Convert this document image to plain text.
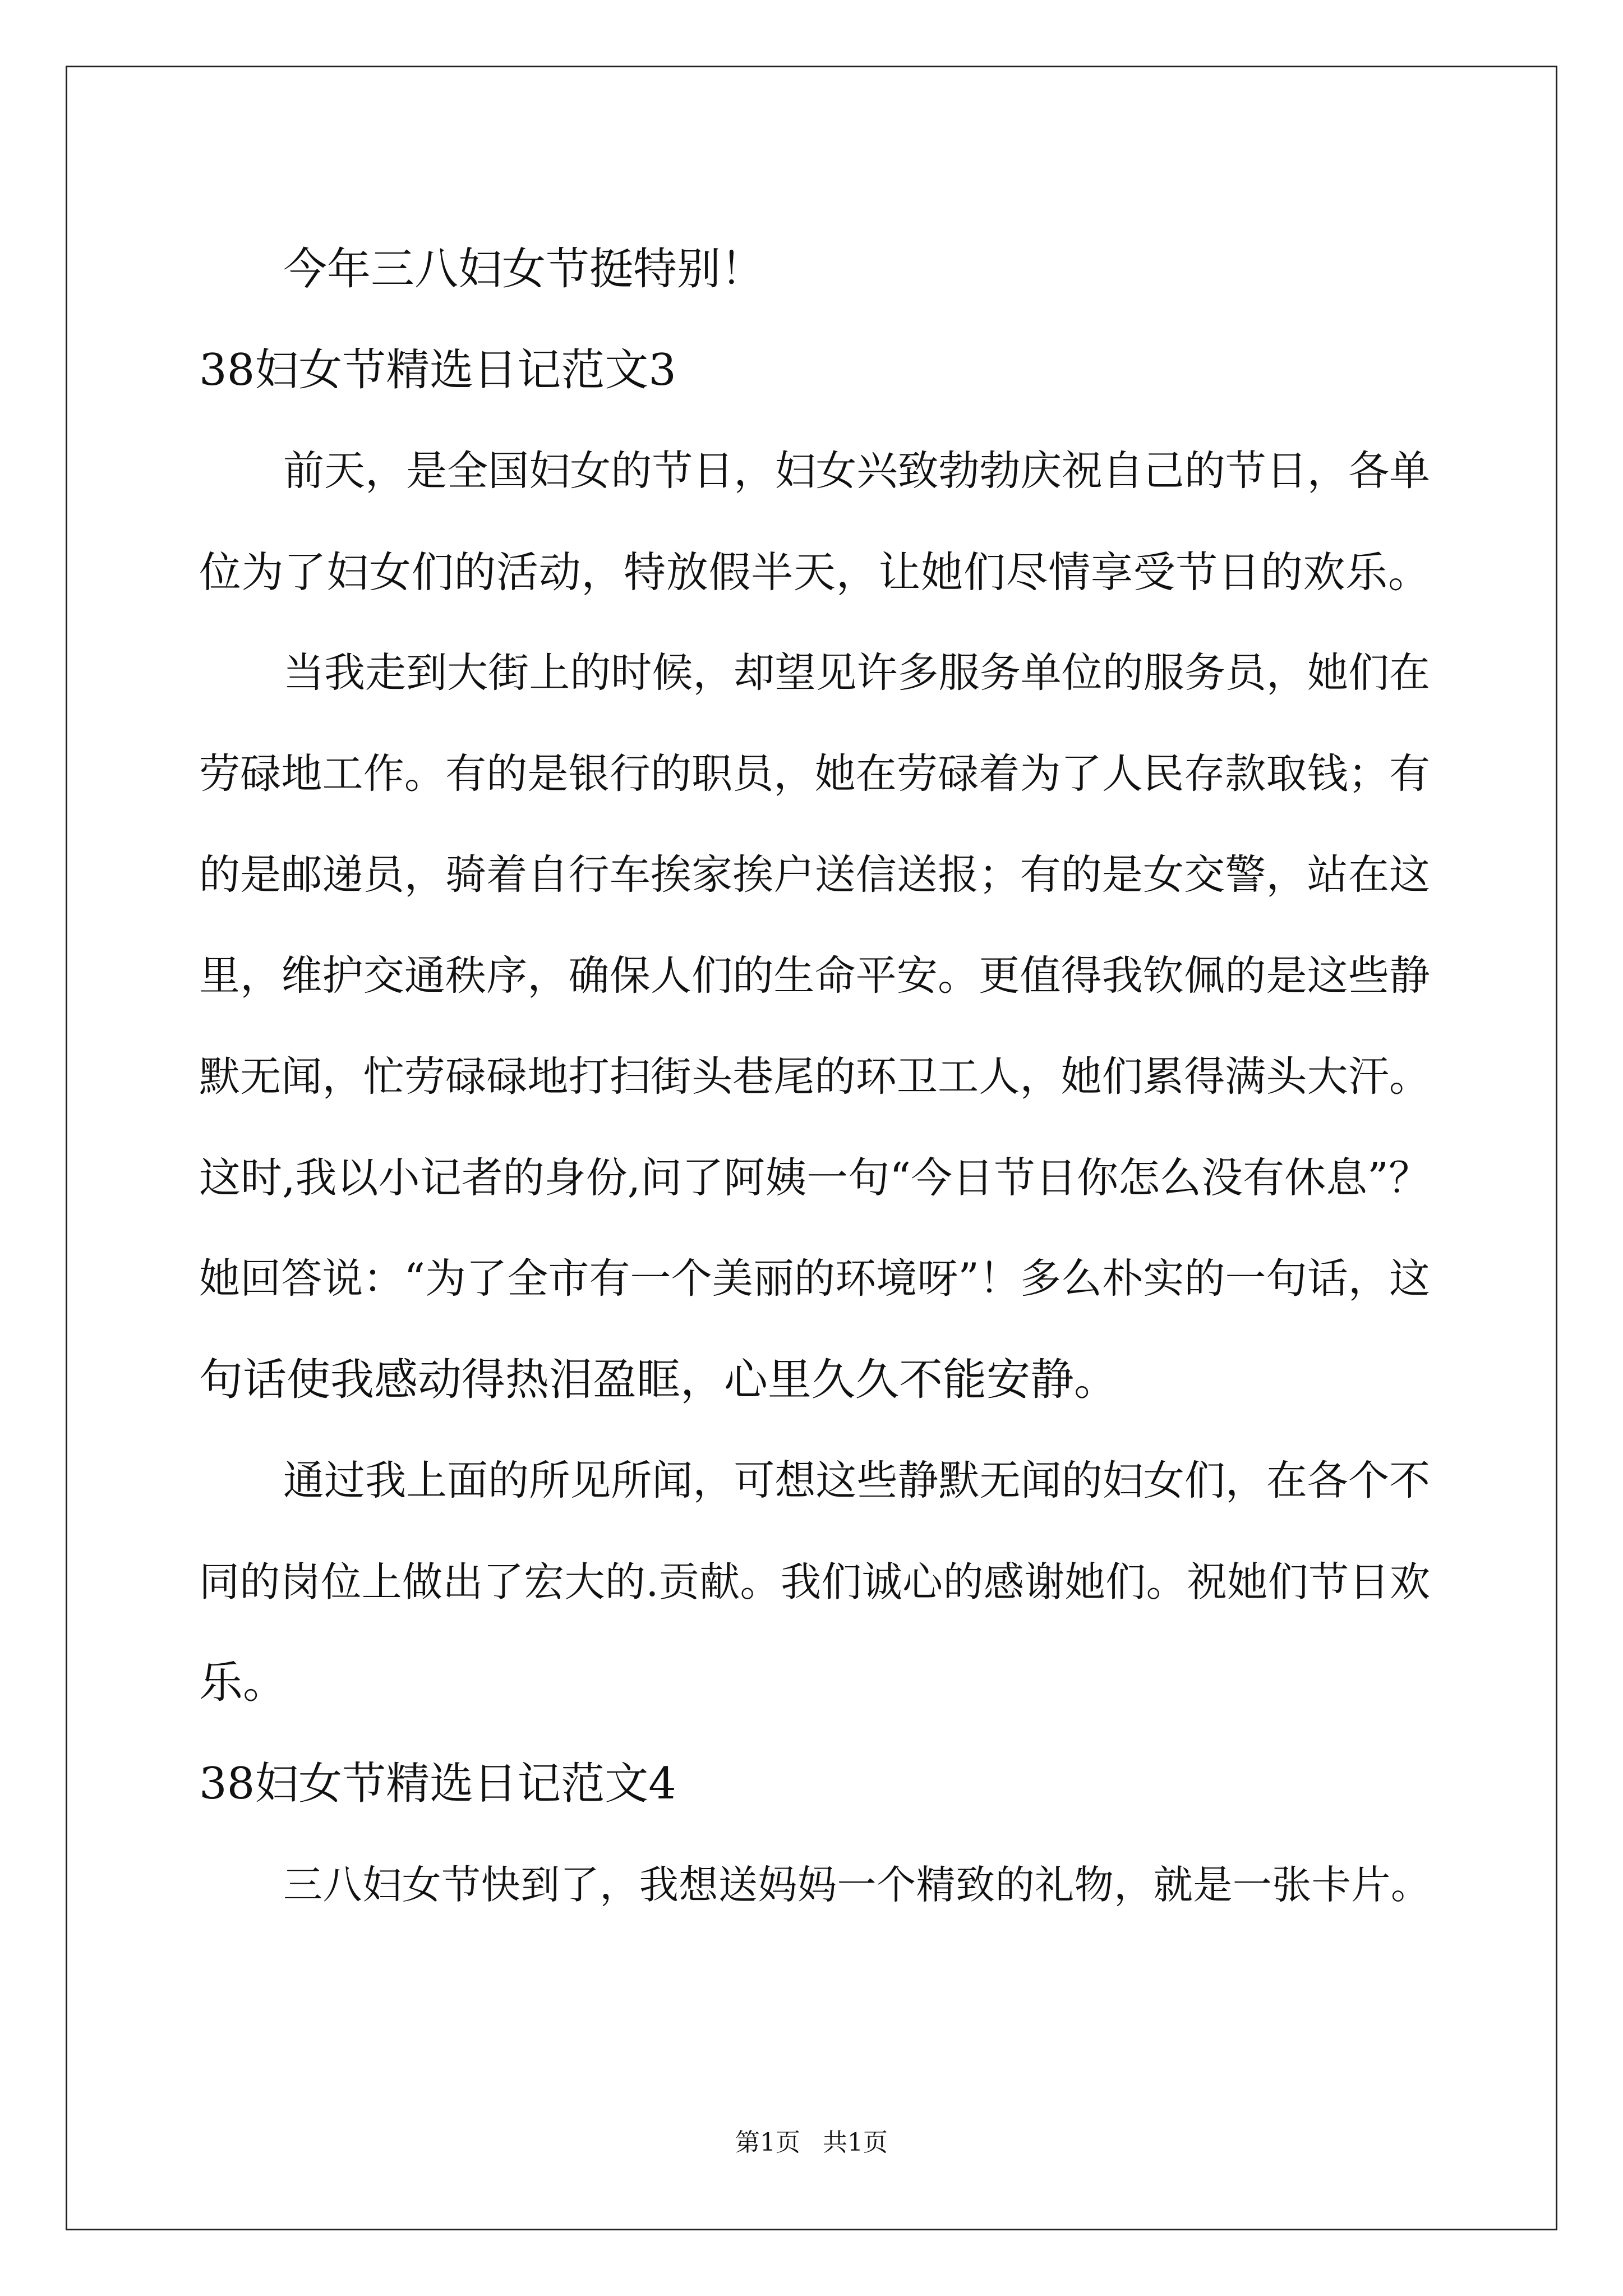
今年三八妇女节挺特别！
38妇女节精选日记范文3
前天，是全国妇女的节日，妇女兴致勃勃庆祝自己的节日，各单
位为了妇女们的活动，特放假半天，让她们尽情享受节日的欢乐。
当我走到大街上的时候，却望见许多服务单位的服务员，她们在
劳碌地工作。有的是银行的职员，她在劳碌着为了人民存款取钱；有
的是邮递员，骑着自行车挨家挨户送信送报；有的是女交警，站在这
里，维护交通秩序，确保人们的生命平安。更值得我钦佩的是这些静
默无闻，忙劳碌碌地打扫街头巷尾的环卫工人，她们累得满头大汗。
这时,我以小记者的身份,问了阿姨一句“今日节日你怎么没有休息”？
她回答说：“为了全市有一个美丽的环境呀”！多么朴实的一句话，这
句话使我感动得热泪盈眶，心里久久不能安静。
通过我上面的所见所闻，可想这些静默无闻的妇女们，在各个不
同的岗位上做出了宏大的.贡献。我们诚心的感谢她们。祝她们节日欢
乐。
38妇女节精选日记范文4
三八妇女节快到了，我想送妈妈一个精致的礼物，就是一张卡片。
第1页 共1页
